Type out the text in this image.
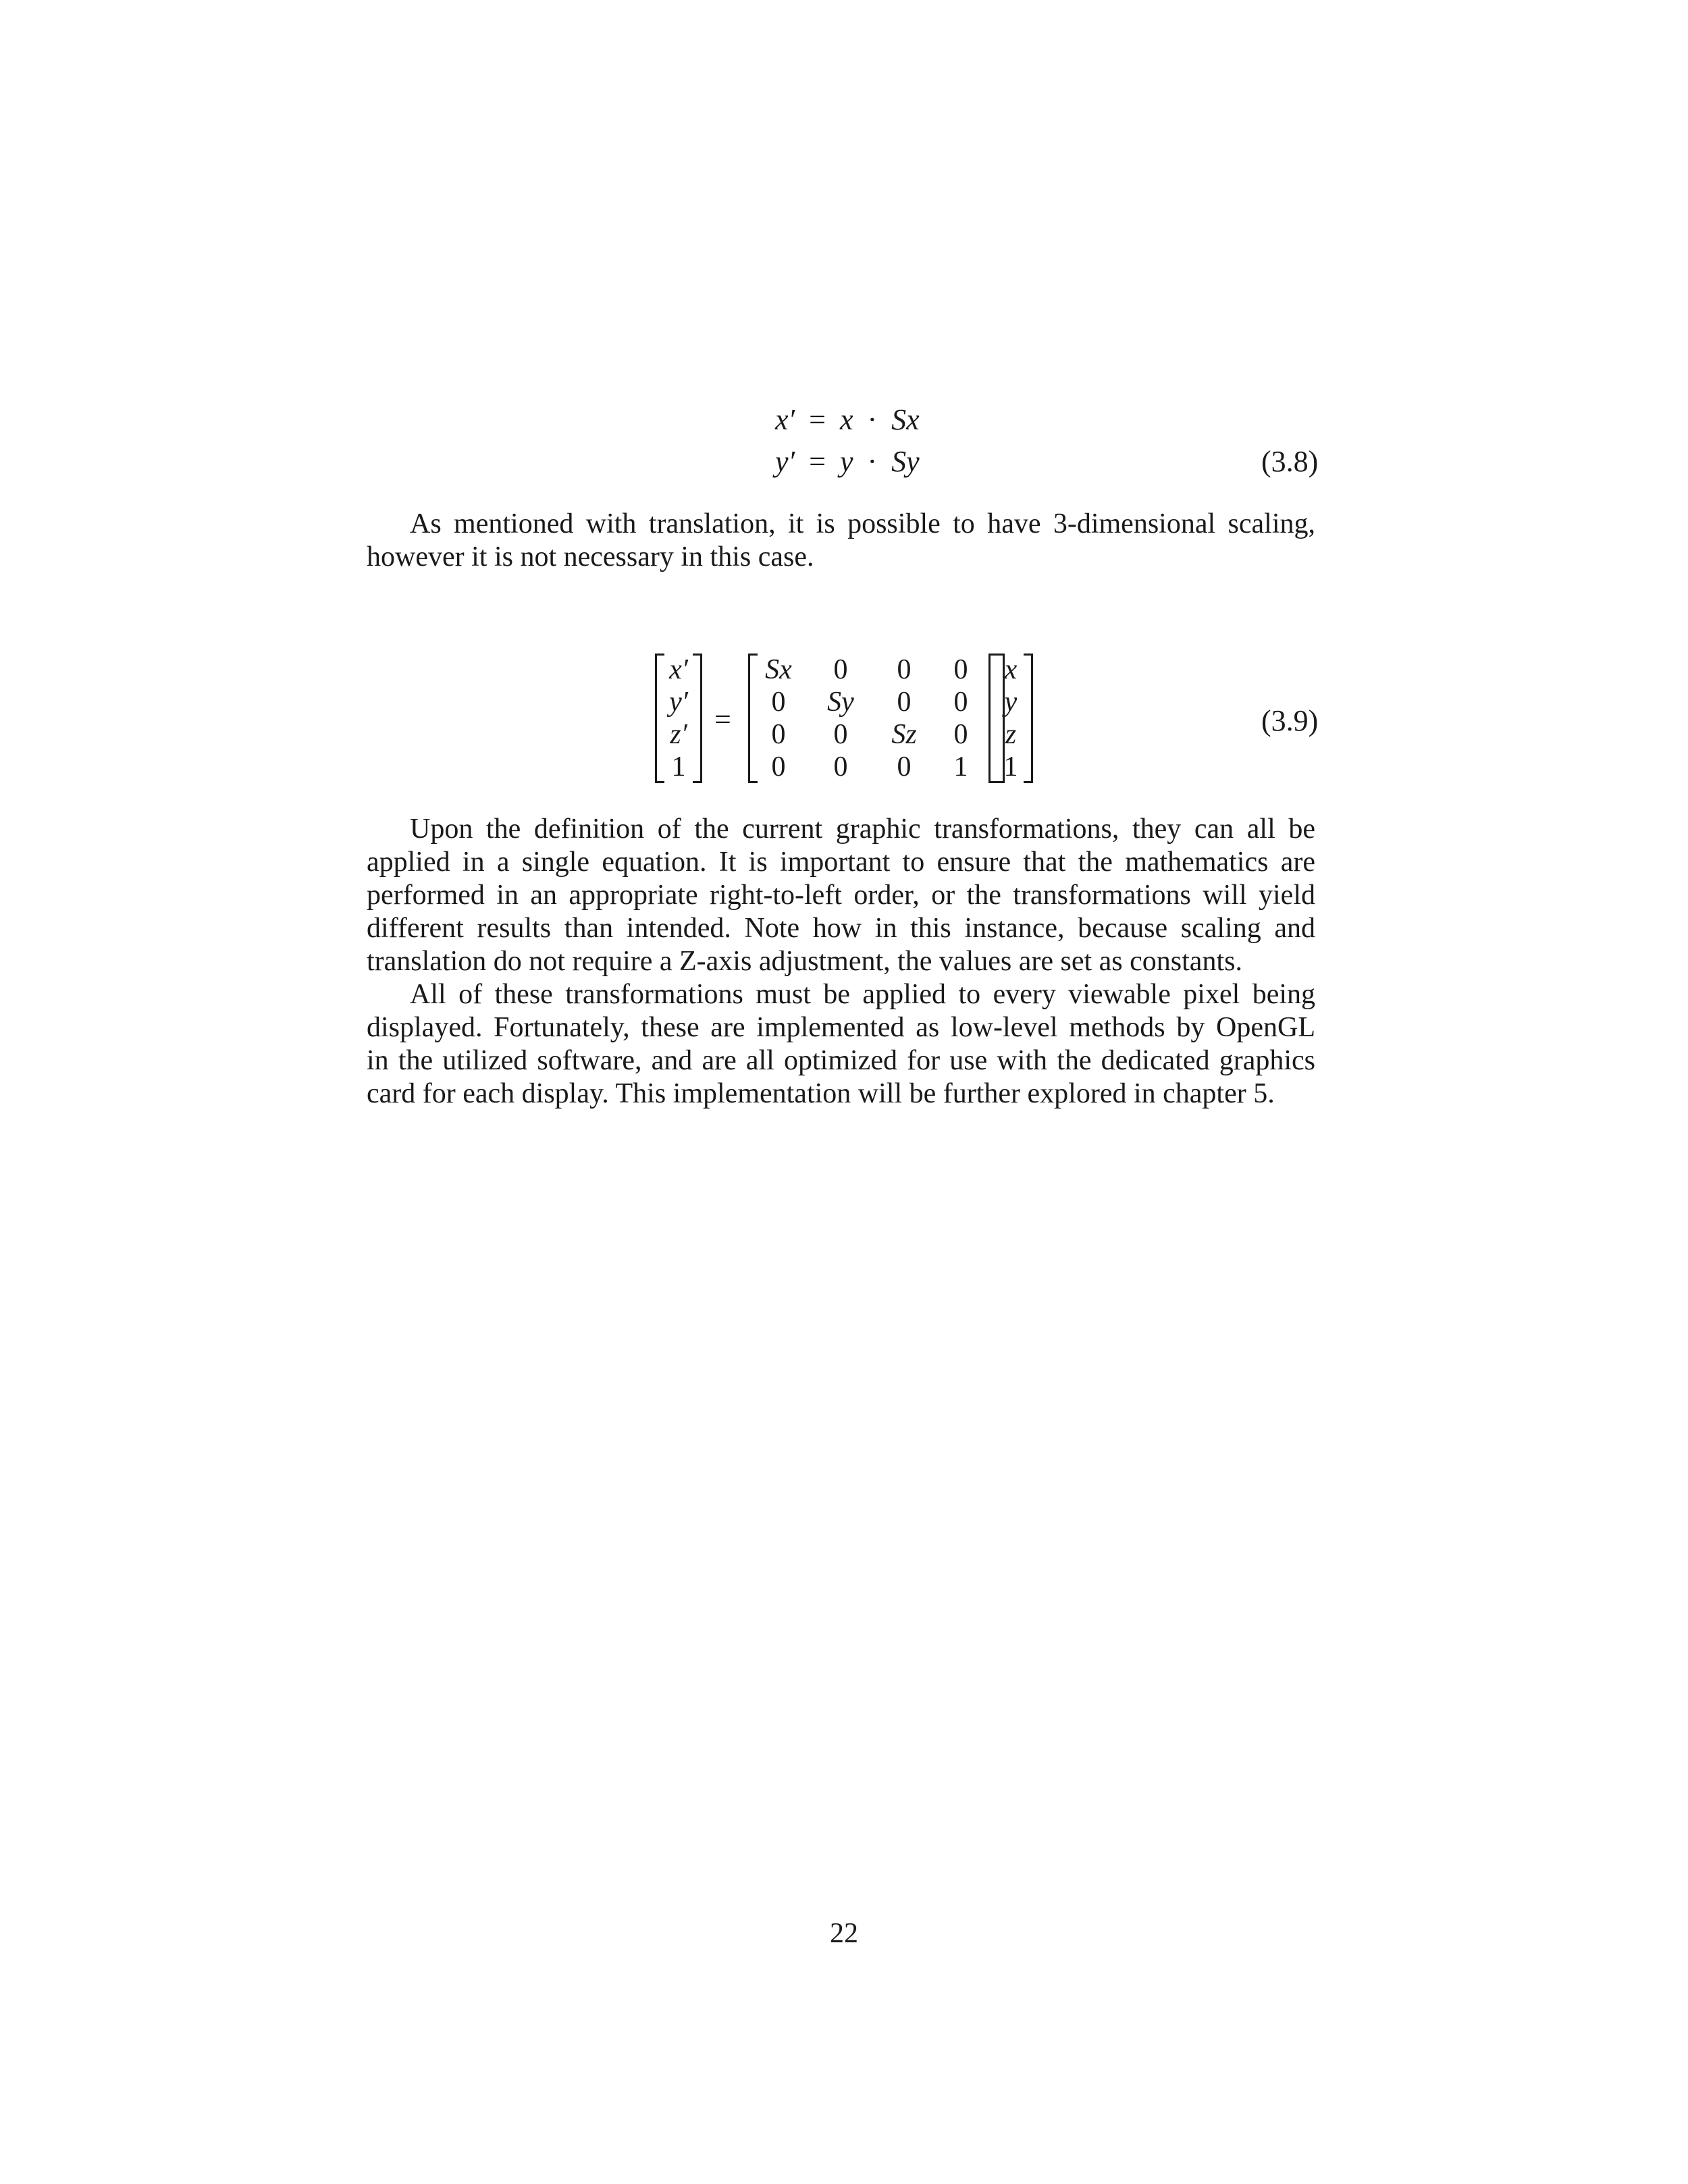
x′ = x · Sx
y′ = y · Sy	(3.8)
As mentioned with translation, it is possible to have 3-dimensional scaling,
however it is not necessary in this case.
x′
y′
z′
1
=
Sx	0	0	0
0	Sy	0	0
0	0	Sz	0
0	0	0	1
x
y
z
1
(3.9)
Upon the definition of the current graphic transformations, they can all be
applied in a single equation. It is important to ensure that the mathematics are
performed in an appropriate right-to-left order, or the transformations will yield
different results than intended. Note how in this instance, because scaling and
translation do not require a Z-axis adjustment, the values are set as constants.
All of these transformations must be applied to every viewable pixel being
displayed. Fortunately, these are implemented as low-level methods by OpenGL
in the utilized software, and are all optimized for use with the dedicated graphics
card for each display. This implementation will be further explored in chapter 5.
22
